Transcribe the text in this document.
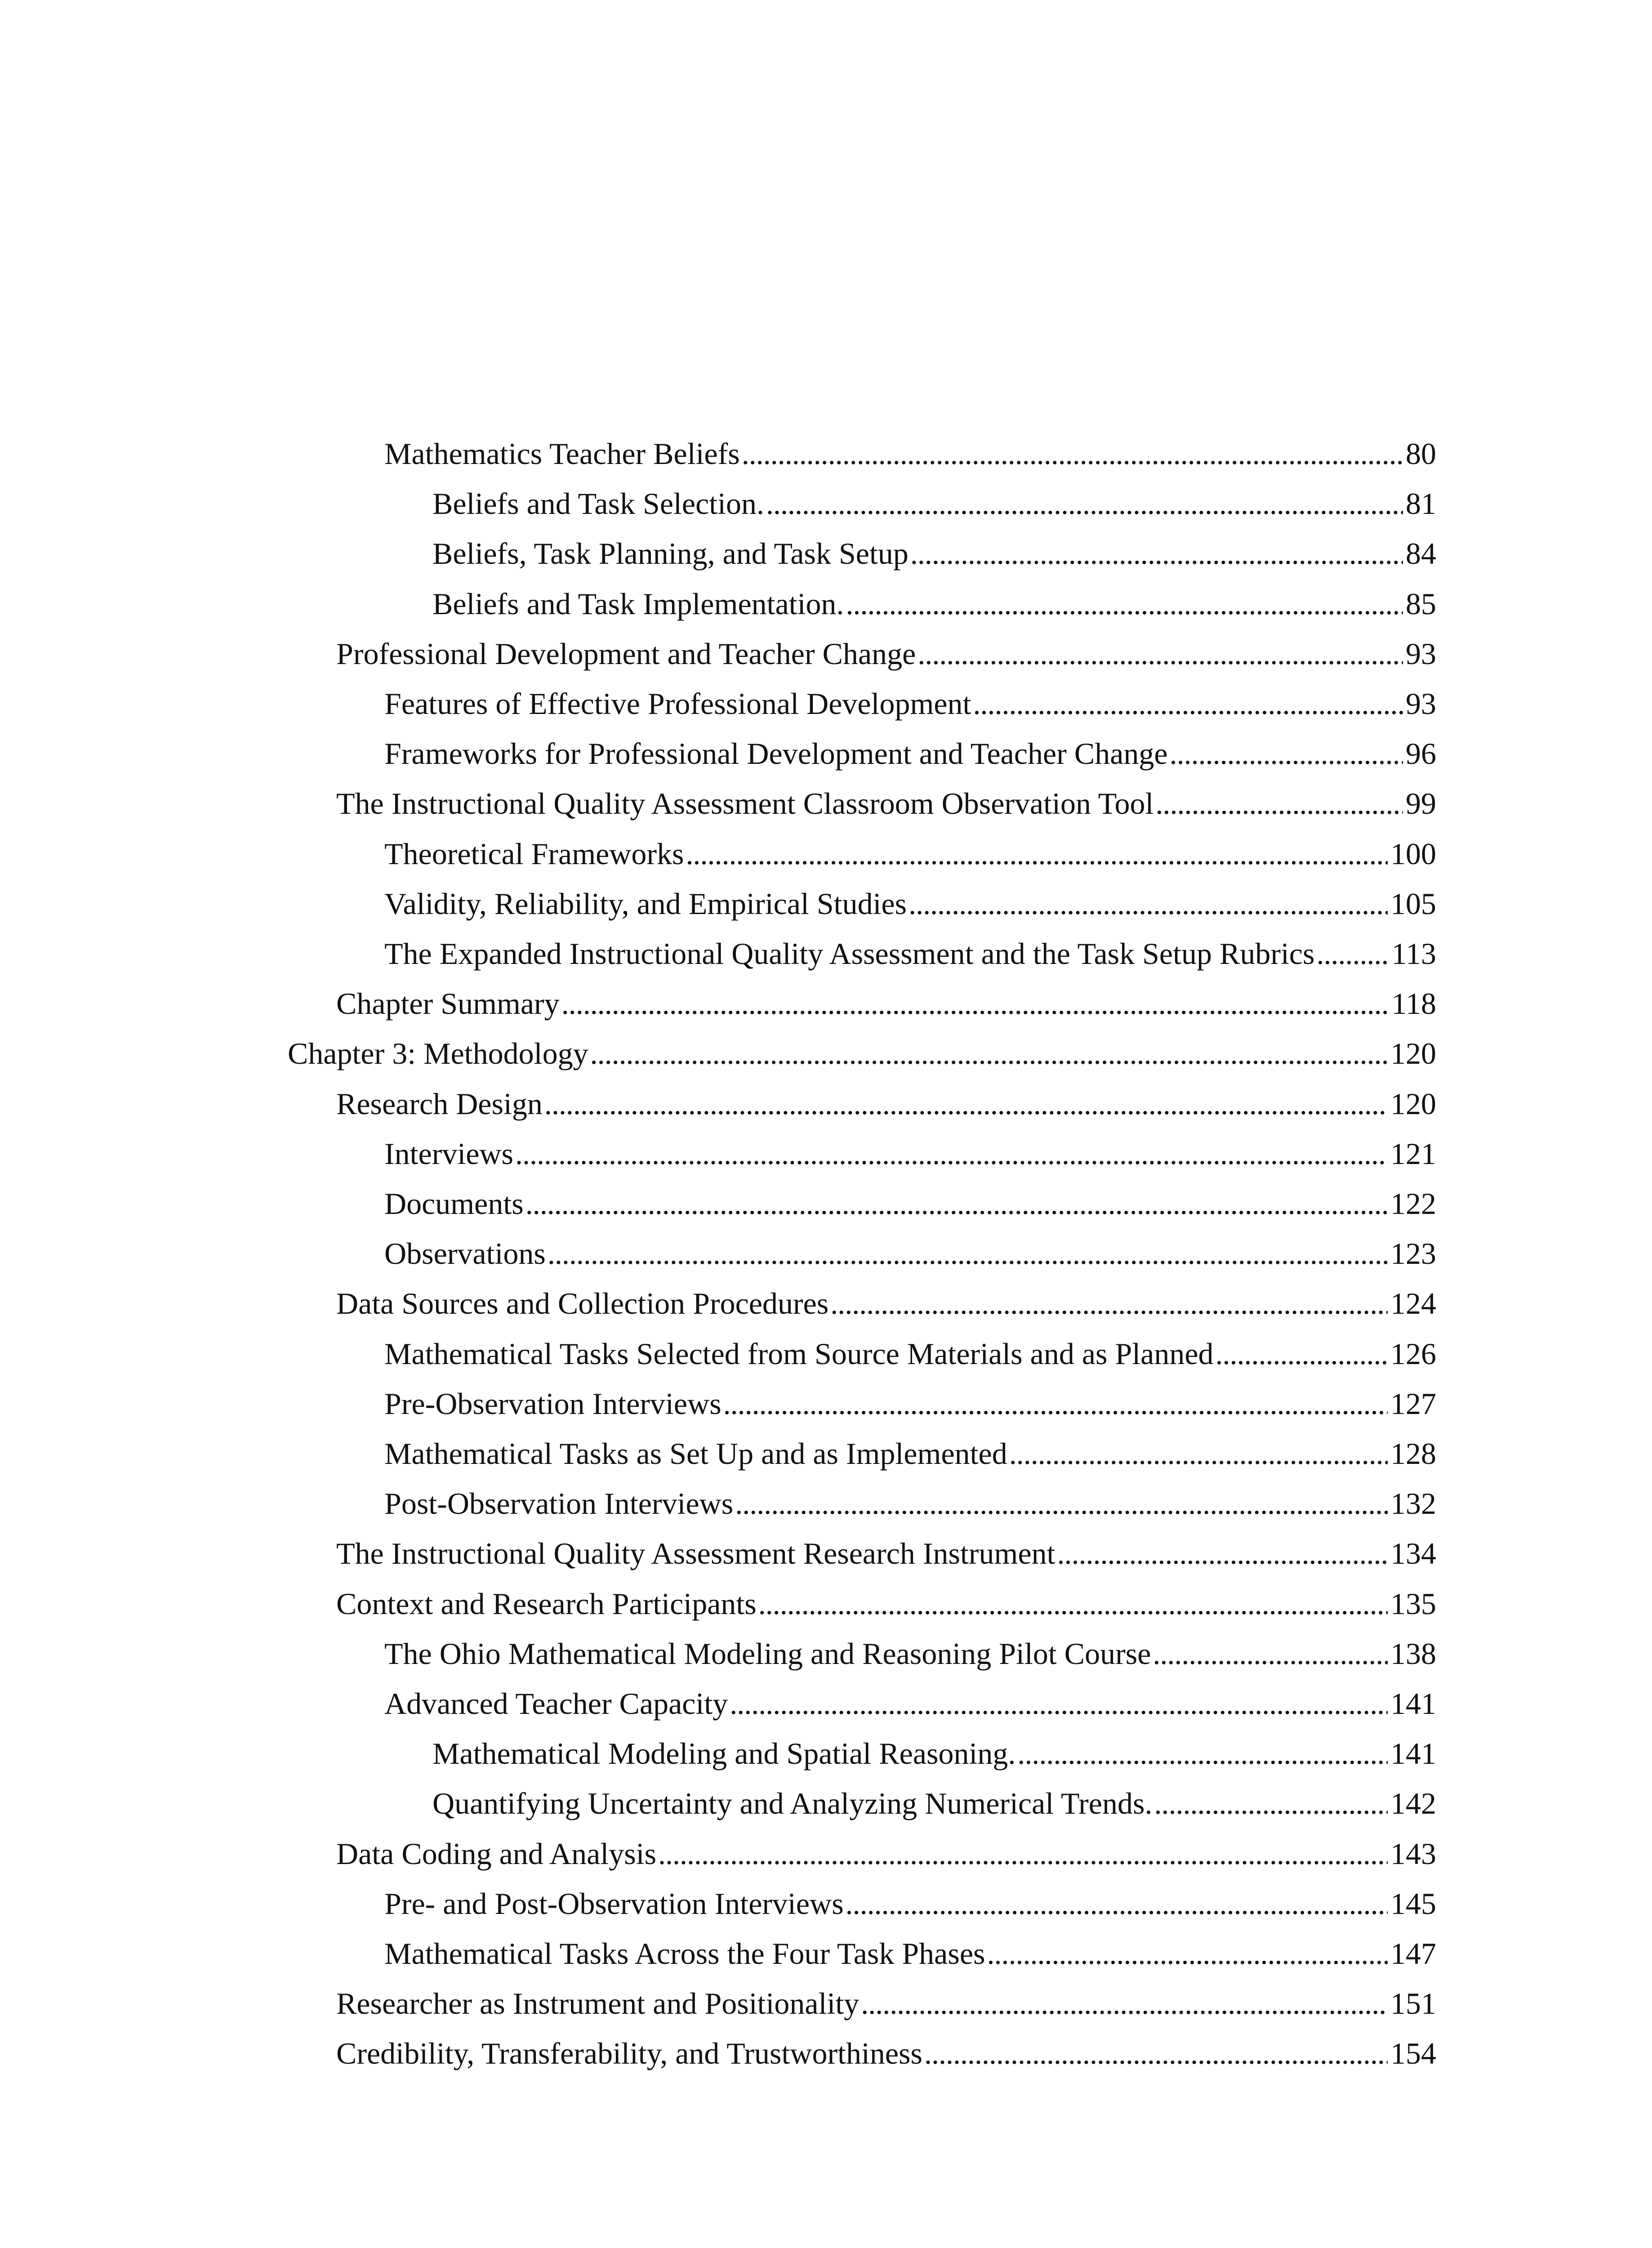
Mathematics Teacher Beliefs . . .	80
Beliefs and Task Selection. . . .	81
Beliefs, Task Planning, and Task Setup . . .	84
Beliefs and Task Implementation. . . .	85
Professional Development and Teacher Change . . .	93
Features of Effective Professional Development . . .	93
Frameworks for Professional Development and Teacher Change . . .	96
The Instructional Quality Assessment Classroom Observation Tool . . .	99
Theoretical Frameworks . . .	100
Validity, Reliability, and Empirical Studies . . .	105
The Expanded Instructional Quality Assessment and the Task Setup Rubrics . . .	113
Chapter Summary . . .	118
Chapter 3: Methodology . . .	120
Research Design . . .	120
Interviews . . .	121
Documents . . .	122
Observations . . .	123
Data Sources and Collection Procedures . . .	124
Mathematical Tasks Selected from Source Materials and as Planned . . .	126
Pre-Observation Interviews . . .	127
Mathematical Tasks as Set Up and as Implemented . . .	128
Post-Observation Interviews . . .	132
The Instructional Quality Assessment Research Instrument . . .	134
Context and Research Participants . . .	135
The Ohio Mathematical Modeling and Reasoning Pilot Course . . .	138
Advanced Teacher Capacity . . .	141
Mathematical Modeling and Spatial Reasoning. . . .	141
Quantifying Uncertainty and Analyzing Numerical Trends. . . .	142
Data Coding and Analysis . . .	143
Pre- and Post-Observation Interviews . . .	145
Mathematical Tasks Across the Four Task Phases . . .	147
Researcher as Instrument and Positionality . . .	151
Credibility, Transferability, and Trustworthiness . . .	154
